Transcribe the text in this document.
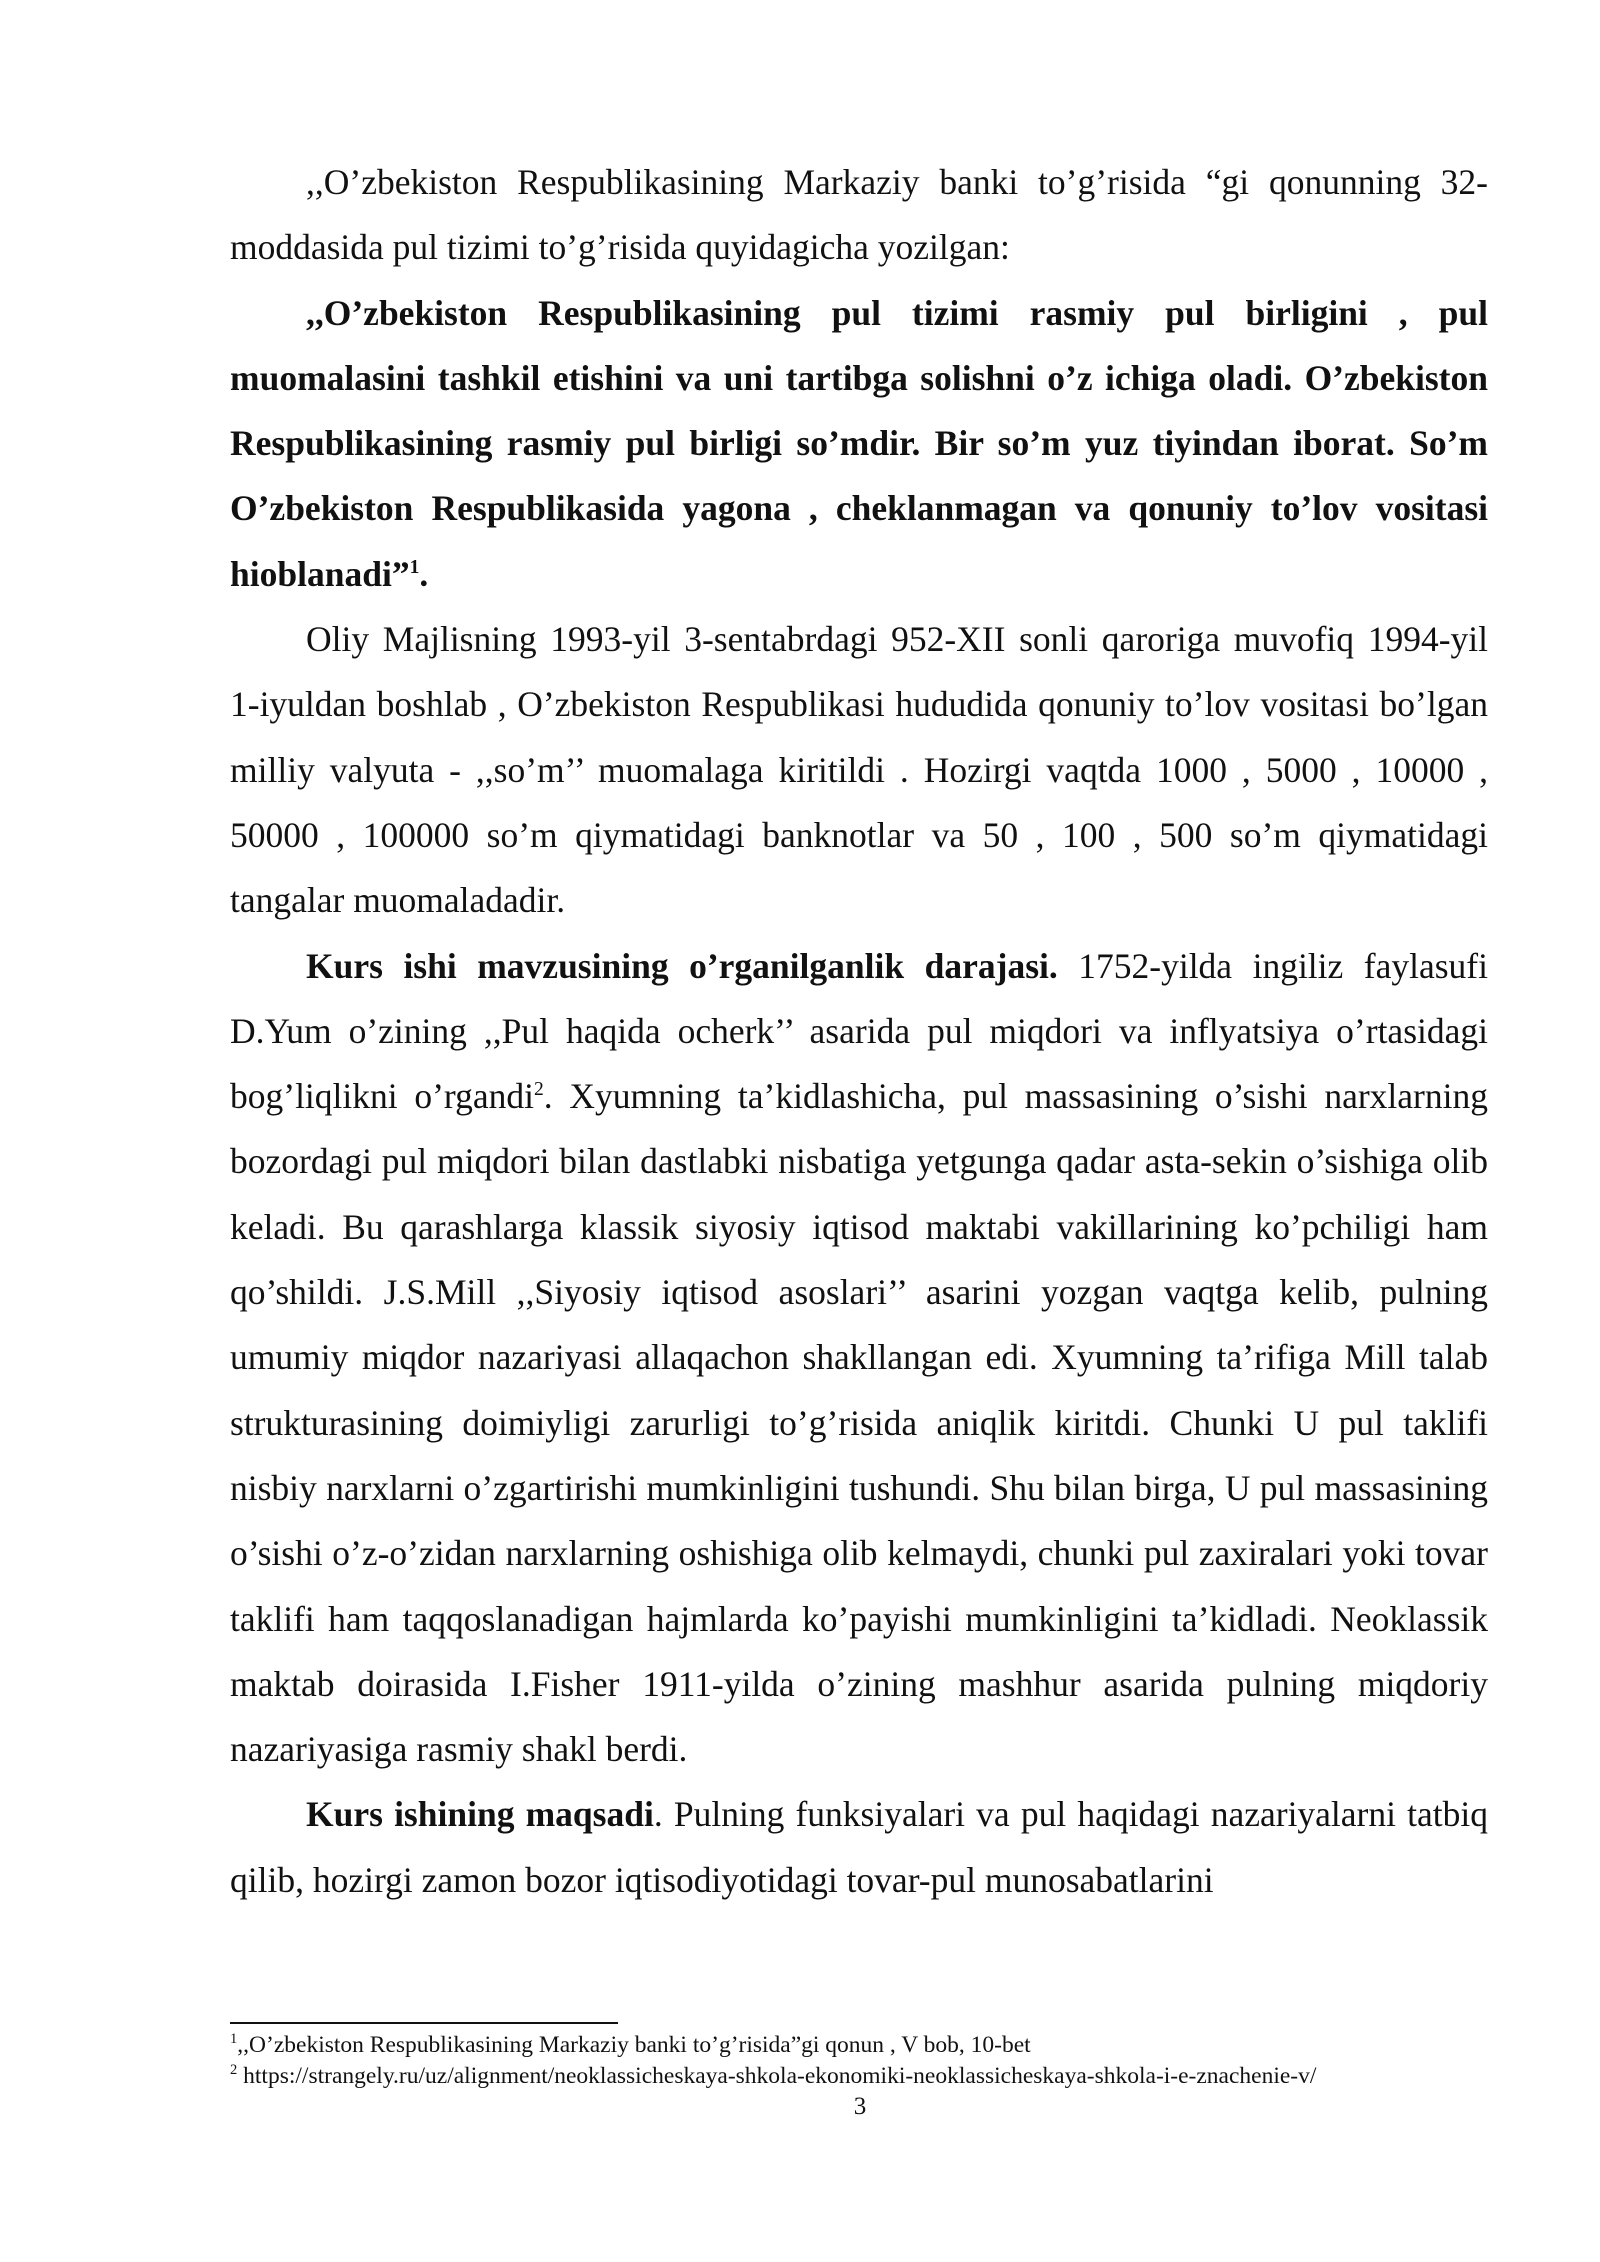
,,O’zbekiston Respublikasining Markaziy banki to’g’risida “gi qonunning 32-moddasida pul tizimi to’g’risida quyidagicha yozilgan:

,,O’zbekiston Respublikasining pul tizimi rasmiy pul birligini , pul muomalasini tashkil etishini va uni tartibga solishni o’z ichiga oladi. O’zbekiston Respublikasining rasmiy pul birligi so’mdir. Bir so’m yuz tiyindan iborat. So’m O’zbekiston Respublikasida yagona , cheklanmagan va qonuniy to’lov vositasi hioblanadi”$^1$.

Oliy Majlisning 1993-yil 3-sentabrdagi 952-XII sonli qaroriga muvofiq 1994-yil 1-iyuldan boshlab , O’zbekiston Respublikasi hududida qonuniy to’lov vositasi bo’lgan milliy valyuta - ,,so’m’’ muomalaga kiritildi . Hozirgi vaqtda 1000 , 5000 , 10000 , 50000 , 100000 so’m qiymatidagi banknotlar va 50 , 100 , 500 so’m qiymatidagi tangalar muomaladadir.

Kurs ishi mavzusining o’rganilganlik darajasi. 1752-yilda ingiliz faylasufi D.Yum o’zining ,,Pul haqida ocherk’’ asarida pul miqdori va inflyatsiya o’rtasidagi bog’liqlikni o’rgandi$^2$. Xyumning ta’kidlashicha, pul massasining o’sishi narxlarning bozordagi pul miqdori bilan dastlabki nisbatiga yetgunga qadar asta-sekin o’sishiga olib keladi. Bu qarashlarga klassik siyosiy iqtisod maktabi vakillarining ko’pchiligi ham qo’shildi. J.S.Mill ,,Siyosiy iqtisod asoslari’’ asarini yozgan vaqtga kelib, pulning umumiy miqdor nazariyasi allaqachon shakllangan edi. Xyumning ta’rifiga Mill talab strukturasining doimiyligi zarurligi to’g’risida aniqlik kiritdi. Chunki U pul taklifi nisbiy narxlarni o’zgartirishi mumkinligini tushundi. Shu bilan birga, U pul massasining o’sishi o’z-o’zidan narxlarning oshishiga olib kelmaydi, chunki pul zaxiralari yoki tovar taklifi ham taqqoslanadigan hajmlarda ko’payishi mumkinligini ta’kidladi. Neoklassik maktab doirasida I.Fisher 1911-yilda o’zining mashhur asarida pulning miqdoriy nazariyasiga rasmiy shakl berdi.

Kurs ishining maqsadi. Pulning funksiyalari va pul haqidagi nazariyalarni tatbiq qilib, hozirgi zamon bozor iqtisodiyotidagi tovar-pul munosabatlarini

$^1$,,O’zbekiston Respublikasining Markaziy banki to’g’risida”gi qonun , V bob, 10-bet

$^2$ https://strangely.ru/uz/alignment/neoklassicheskaya-shkola-ekonomiki-neoklassicheskaya-shkola-i-e-znachenie-v/

3
